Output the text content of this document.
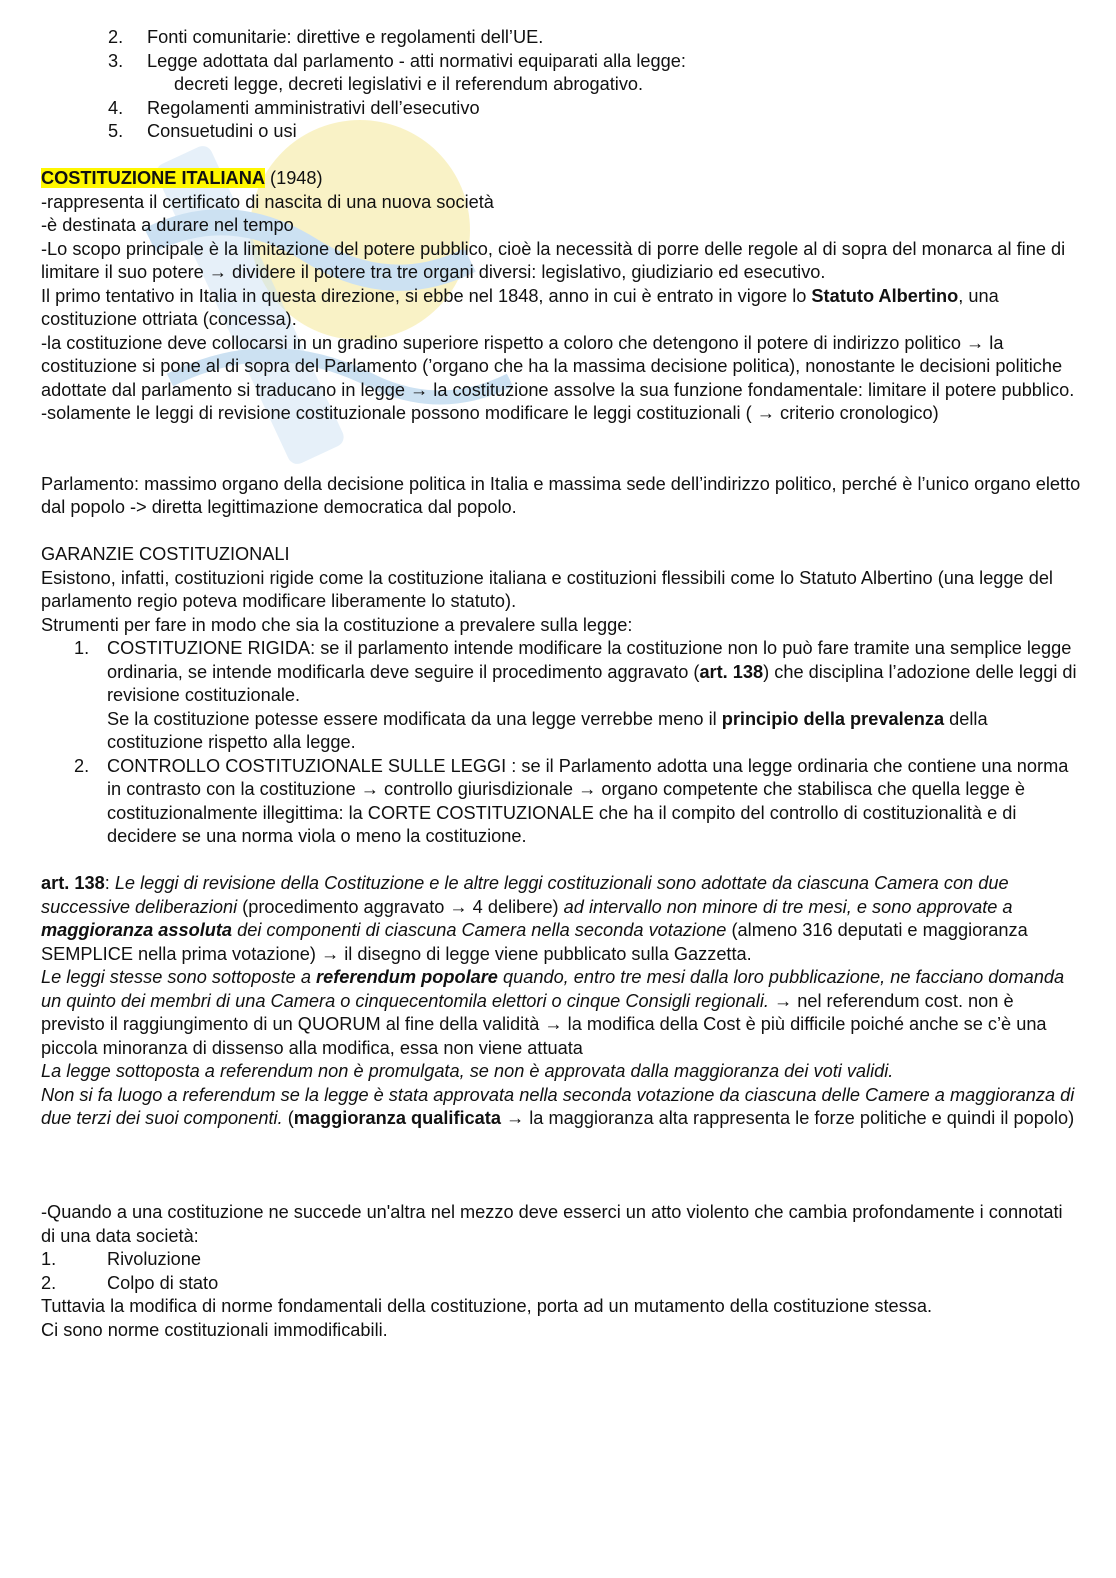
2. Fonti comunitarie: direttive e regolamenti dell’UE.

3. Legge adottata dal parlamento - atti normativi equiparati alla legge:

decreti legge, decreti legislativi e il referendum abrogativo.

4. Regolamenti amministrativi dell’esecutivo

5. Consuetudini o usi

COSTITUZIONE ITALIANA (1948)

-rappresenta il certificato di nascita di una nuova società

-è destinata a durare nel tempo

-Lo scopo principale è la limitazione del potere pubblico, cioè la necessità di porre delle regole al di sopra del monarca al fine di limitare il suo potere → dividere il potere tra tre organi diversi: legislativo, giudiziario ed esecutivo.

Il primo tentativo in Italia in questa direzione, si ebbe nel 1848, anno in cui è entrato in vigore lo Statuto Albertino, una costituzione ottriata (concessa).

-la costituzione deve collocarsi in un gradino superiore rispetto a coloro che detengono il potere di indirizzo politico → la costituzione si pone al di sopra del Parlamento (’organo che ha la massima decisione politica), nonostante le decisioni politiche adottate dal parlamento si traducano in legge → la costituzione assolve la sua funzione fondamentale: limitare il potere pubblico.

-solamente le leggi di revisione costituzionale possono modificare le leggi costituzionali ( → criterio cronologico)

Parlamento: massimo organo della decisione politica in Italia e massima sede dell’indirizzo politico, perché è l’unico organo eletto dal popolo -> diretta legittimazione democratica dal popolo.

GARANZIE COSTITUZIONALI

Esistono, infatti, costituzioni rigide come la costituzione italiana e costituzioni flessibili come lo Statuto Albertino (una legge del parlamento regio poteva modificare liberamente lo statuto).

Strumenti per fare in modo che sia la costituzione a prevalere sulla legge:

1. COSTITUZIONE RIGIDA: se il parlamento intende modificare la costituzione non lo può fare tramite una semplice legge ordinaria, se intende modificarla deve seguire il procedimento aggravato (art. 138) che disciplina l’adozione delle leggi di revisione costituzionale.

Se la costituzione potesse essere modificata da una legge verrebbe meno il principio della prevalenza della costituzione rispetto alla legge.

2. CONTROLLO COSTITUZIONALE SULLE LEGGI : se il Parlamento adotta una legge ordinaria che contiene una norma in contrasto con la costituzione → controllo giurisdizionale → organo competente che stabilisca che quella legge è costituzionalmente illegittima: la CORTE COSTITUZIONALE che ha il compito del controllo di costituzionalità e di decidere se una norma viola o meno la costituzione.

art. 138: Le leggi di revisione della Costituzione e le altre leggi costituzionali sono adottate da ciascuna Camera con due successive deliberazioni (procedimento aggravato → 4 delibere) ad intervallo non minore di tre mesi, e sono approvate a maggioranza assoluta dei componenti di ciascuna Camera nella seconda votazione (almeno 316 deputati e maggioranza SEMPLICE nella prima votazione) → il disegno di legge viene pubblicato sulla Gazzetta.

Le leggi stesse sono sottoposte a referendum popolare quando, entro tre mesi dalla loro pubblicazione, ne facciano domanda un quinto dei membri di una Camera o cinquecentomila elettori o cinque Consigli regionali. → nel referendum cost. non è previsto il raggiungimento di un QUORUM al fine della validità → la modifica della Cost è più difficile poiché anche se c’è una piccola minoranza di dissenso alla modifica, essa non viene attuata

La legge sottoposta a referendum non è promulgata, se non è approvata dalla maggioranza dei voti validi.

Non si fa luogo a referendum se la legge è stata approvata nella seconda votazione da ciascuna delle Camere a maggioranza di due terzi dei suoi componenti. (maggioranza qualificata → la maggioranza alta rappresenta le forze politiche e quindi il popolo)

-Quando a una costituzione ne succede un'altra nel mezzo deve esserci un atto violento che cambia profondamente i connotati di una data società:

1.	Rivoluzione

2.	Colpo di stato

Tuttavia la modifica di norme fondamentali della costituzione, porta ad un mutamento della costituzione stessa.

Ci sono norme costituzionali immodificabili.
